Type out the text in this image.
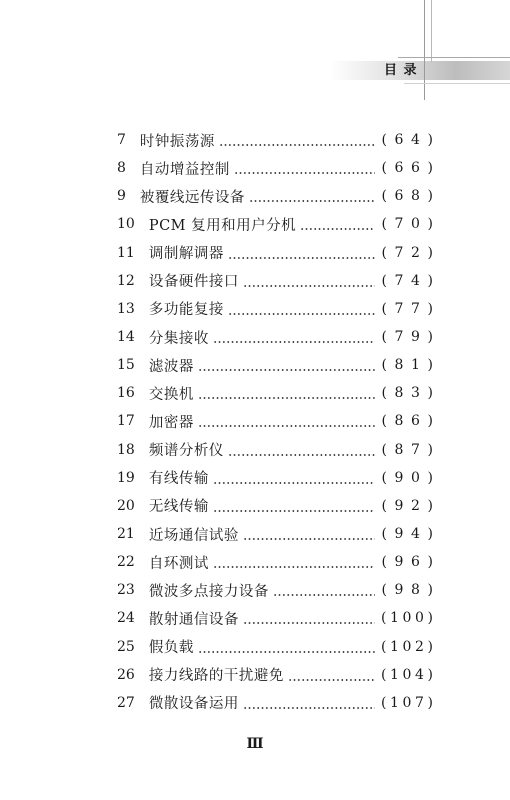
目 录
7 时钟振荡源	(64)
8 自动增益控制	(66)
9 被覆线远传设备	(68)
10 PCM 复用和用户分机	(70)
11 调制解调器	(72)
12 设备硬件接口	(74)
13 多功能复接	(77)
14 分集接收	(79)
15 滤波器	(81)
16 交换机	(83)
17 加密器	(86)
18 频谱分析仪	(87)
19 有线传输	(90)
20 无线传输	(92)
21 近场通信试验	(94)
22 自环测试	(96)
23 微波多点接力设备	(98)
24 散射通信设备	(100)
25 假负载	(102)
26 接力线路的干扰避免	(104)
27 微散设备运用	(107)
Ⅲ
